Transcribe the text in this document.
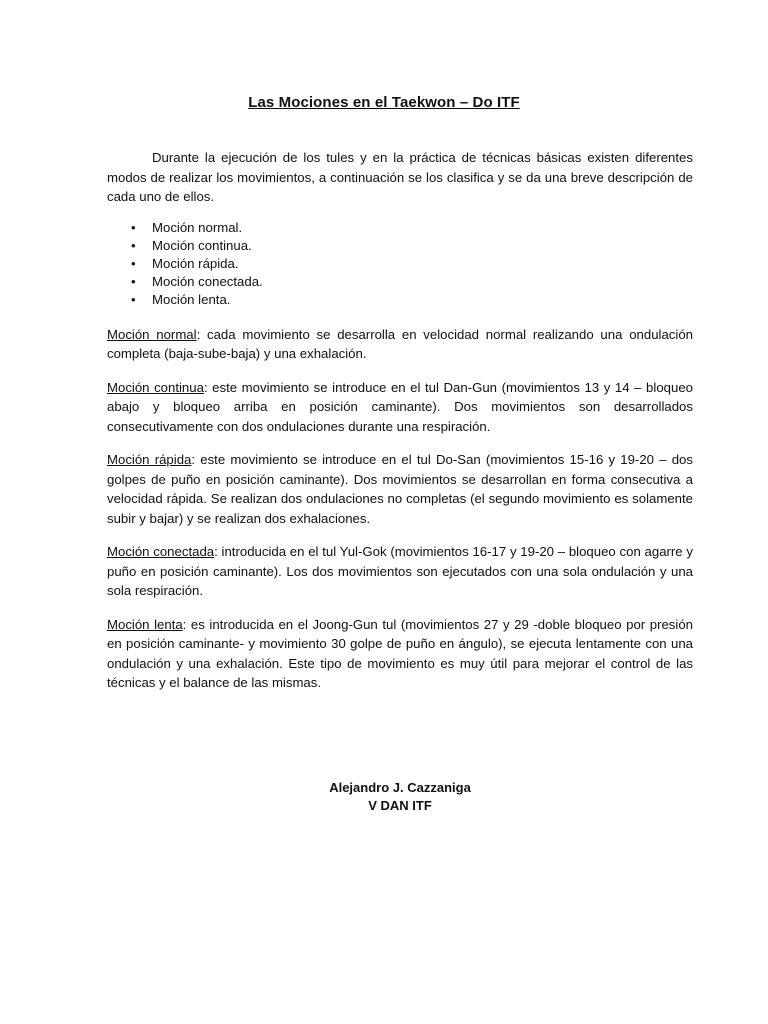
Las Mociones en el Taekwon – Do ITF

Durante la ejecución de los tules y en la práctica de técnicas básicas existen diferentes modos de realizar los movimientos, a continuación se los clasifica y se da una breve descripción de cada uno de ellos.

• Moción normal.
• Moción continua.
• Moción rápida.
• Moción conectada.
• Moción lenta.

Moción normal: cada movimiento se desarrolla en velocidad normal realizando una ondulación completa (baja-sube-baja) y una exhalación.

Moción continua: este movimiento se introduce en el tul Dan-Gun (movimientos 13 y 14 – bloqueo abajo y bloqueo arriba en posición caminante). Dos movimientos son desarrollados consecutivamente con dos ondulaciones durante una respiración.

Moción rápida: este movimiento se introduce en el tul Do-San (movimientos 15-16 y 19-20 – dos golpes de puño en posición caminante). Dos movimientos se desarrollan en forma consecutiva a velocidad rápida. Se realizan dos ondulaciones no completas (el segundo movimiento es solamente subir y bajar) y se realizan dos exhalaciones.

Moción conectada: introducida en el tul Yul-Gok (movimientos 16-17 y 19-20 – bloqueo con agarre y puño en posición caminante). Los dos movimientos son ejecutados con una sola ondulación y una sola respiración.

Moción lenta: es introducida en el Joong-Gun tul (movimientos 27 y 29 -doble bloqueo por presión en posición caminante- y movimiento 30 golpe de puño en ángulo), se ejecuta lentamente con una ondulación y una exhalación. Este tipo de movimiento es muy útil para mejorar el control de las técnicas y el balance de las mismas.

Alejandro J. Cazzaniga
V DAN ITF
